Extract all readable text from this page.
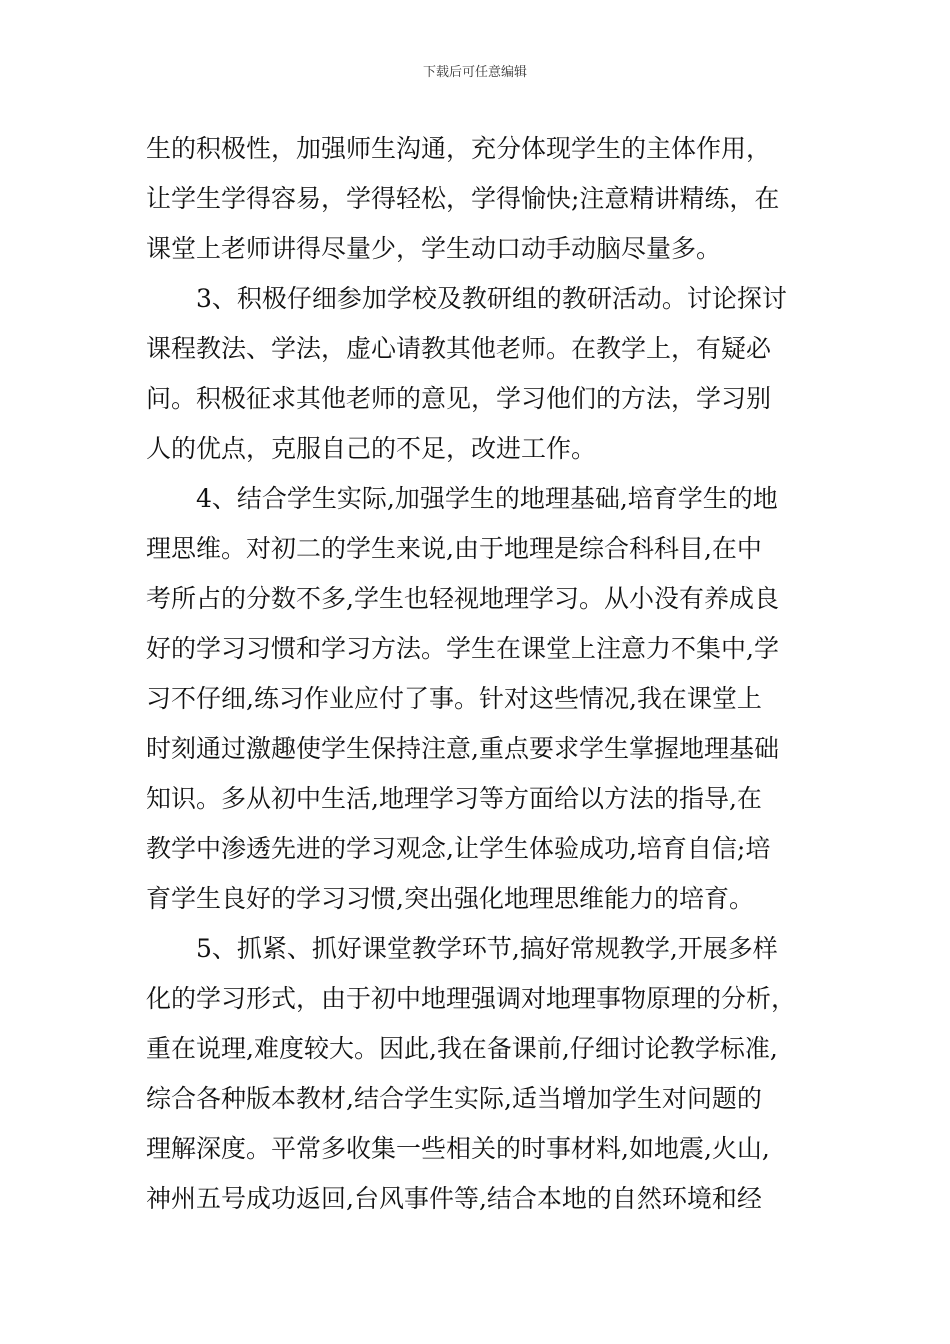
下载后可任意编辑
生的积极性，加强师生沟通，充分体现学生的主体作用，
让学生学得容易，学得轻松，学得愉快;注意精讲精练，在
课堂上老师讲得尽量少，学生动口动手动脑尽量多。
3、积极仔细参加学校及教研组的教研活动。讨论探讨
课程教法、学法，虚心请教其他老师。在教学上，有疑必
问。积极征求其他老师的意见，学习他们的方法，学习别
人的优点，克服自己的不足，改进工作。
4、结合学生实际,加强学生的地理基础,培育学生的地
理思维。对初二的学生来说,由于地理是综合科科目,在中
考所占的分数不多,学生也轻视地理学习。从小没有养成良
好的学习习惯和学习方法。学生在课堂上注意力不集中,学
习不仔细,练习作业应付了事。针对这些情况,我在课堂上
时刻通过激趣使学生保持注意,重点要求学生掌握地理基础
知识。多从初中生活,地理学习等方面给以方法的指导,在
教学中渗透先进的学习观念,让学生体验成功,培育自信;培
育学生良好的学习习惯,突出强化地理思维能力的培育。
5、抓紧、抓好课堂教学环节,搞好常规教学,开展多样
化的学习形式，由于初中地理强调对地理事物原理的分析，
重在说理,难度较大。因此,我在备课前,仔细讨论教学标准,
综合各种版本教材,结合学生实际,适当增加学生对问题的
理解深度。平常多收集一些相关的时事材料,如地震,火山,
神州五号成功返回,台风事件等,结合本地的自然环境和经
